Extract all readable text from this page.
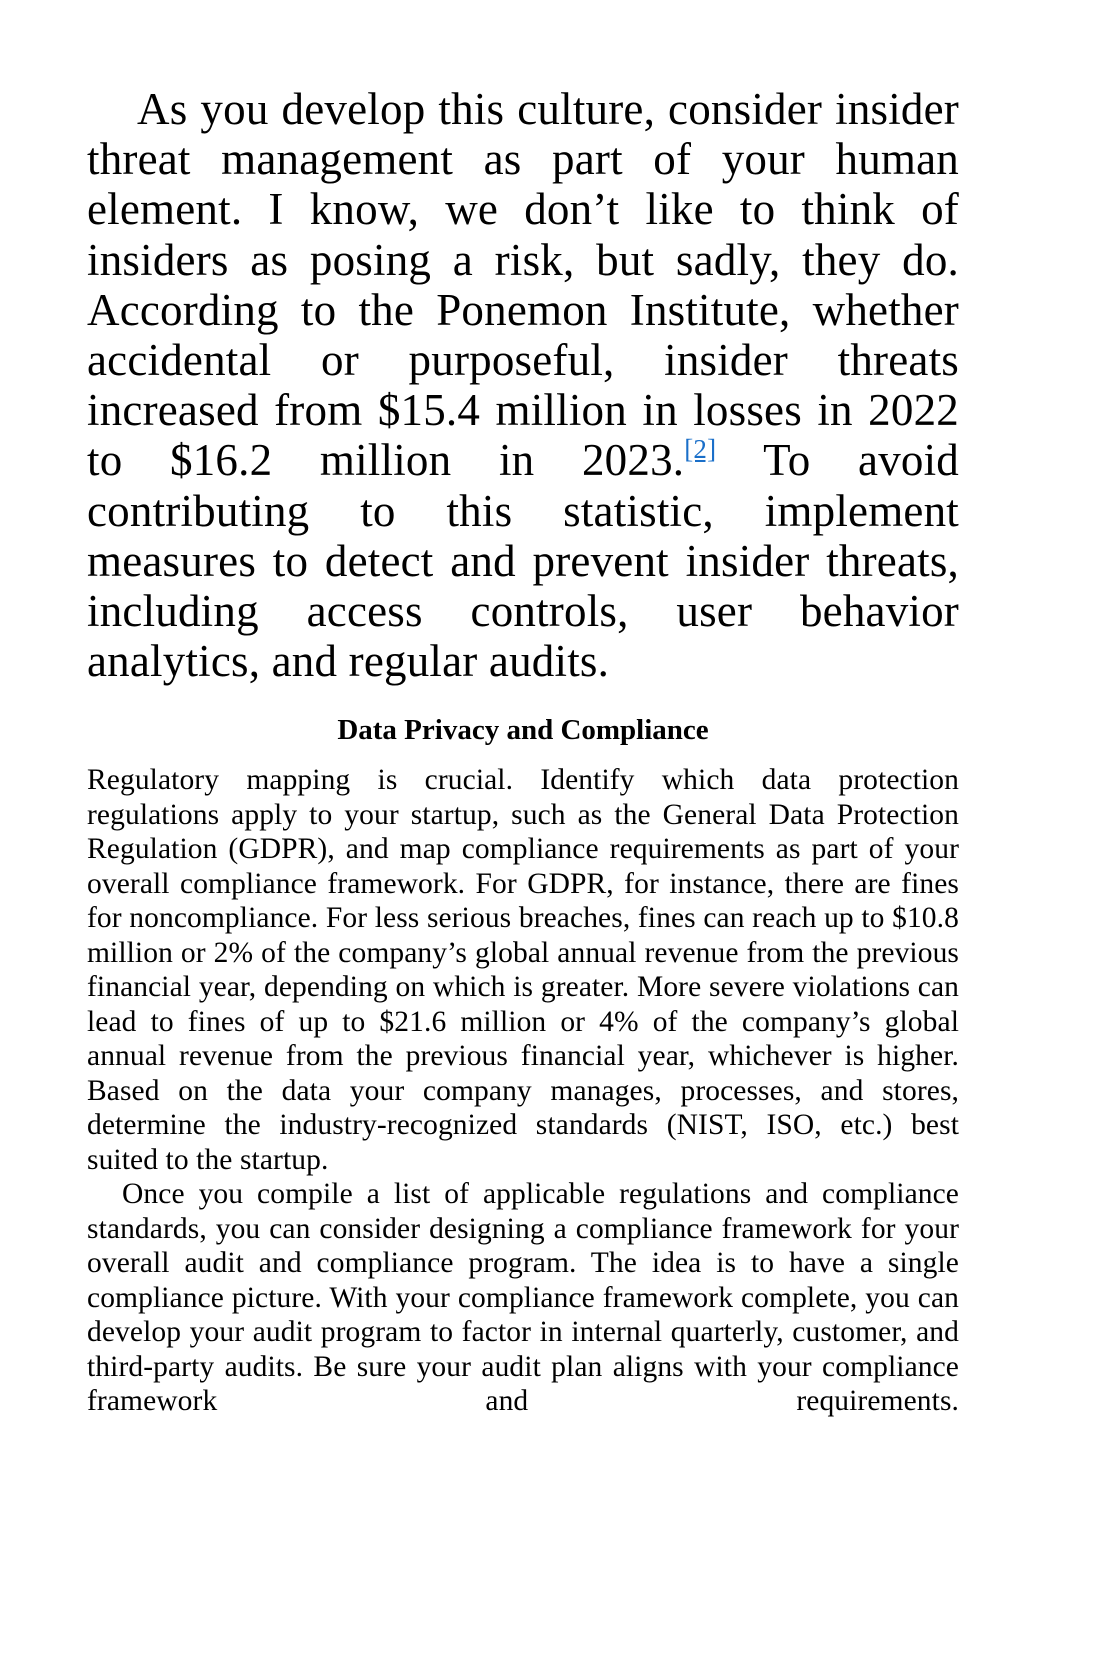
As you develop this culture, consider insider threat management as part of your human element. I know, we don’t like to think of insiders as posing a risk, but sadly, they do. According to the Ponemon Institute, whether accidental or purposeful, insider threats increased from $15.4 million in losses in 2022 to $16.2 million in 2023.[2] To avoid contributing to this statistic, implement measures to detect and prevent insider threats, including access controls, user behavior analytics, and regular audits.

Data Privacy and Compliance

Regulatory mapping is crucial. Identify which data protection regulations apply to your startup, such as the General Data Protection Regulation (GDPR), and map compliance requirements as part of your overall compliance framework. For GDPR, for instance, there are fines for noncompliance. For less serious breaches, fines can reach up to $10.8 million or 2% of the company’s global annual revenue from the previous financial year, depending on which is greater. More severe violations can lead to fines of up to $21.6 million or 4% of the company’s global annual revenue from the previous financial year, whichever is higher. Based on the data your company manages, processes, and stores, determine the industry-recognized standards (NIST, ISO, etc.) best suited to the startup.

Once you compile a list of applicable regulations and compliance standards, you can consider designing a compliance framework for your overall audit and compliance program. The idea is to have a single compliance picture. With your compliance framework complete, you can develop your audit program to factor in internal quarterly, customer, and third-party audits. Be sure your audit plan aligns with your compliance framework and requirements.
